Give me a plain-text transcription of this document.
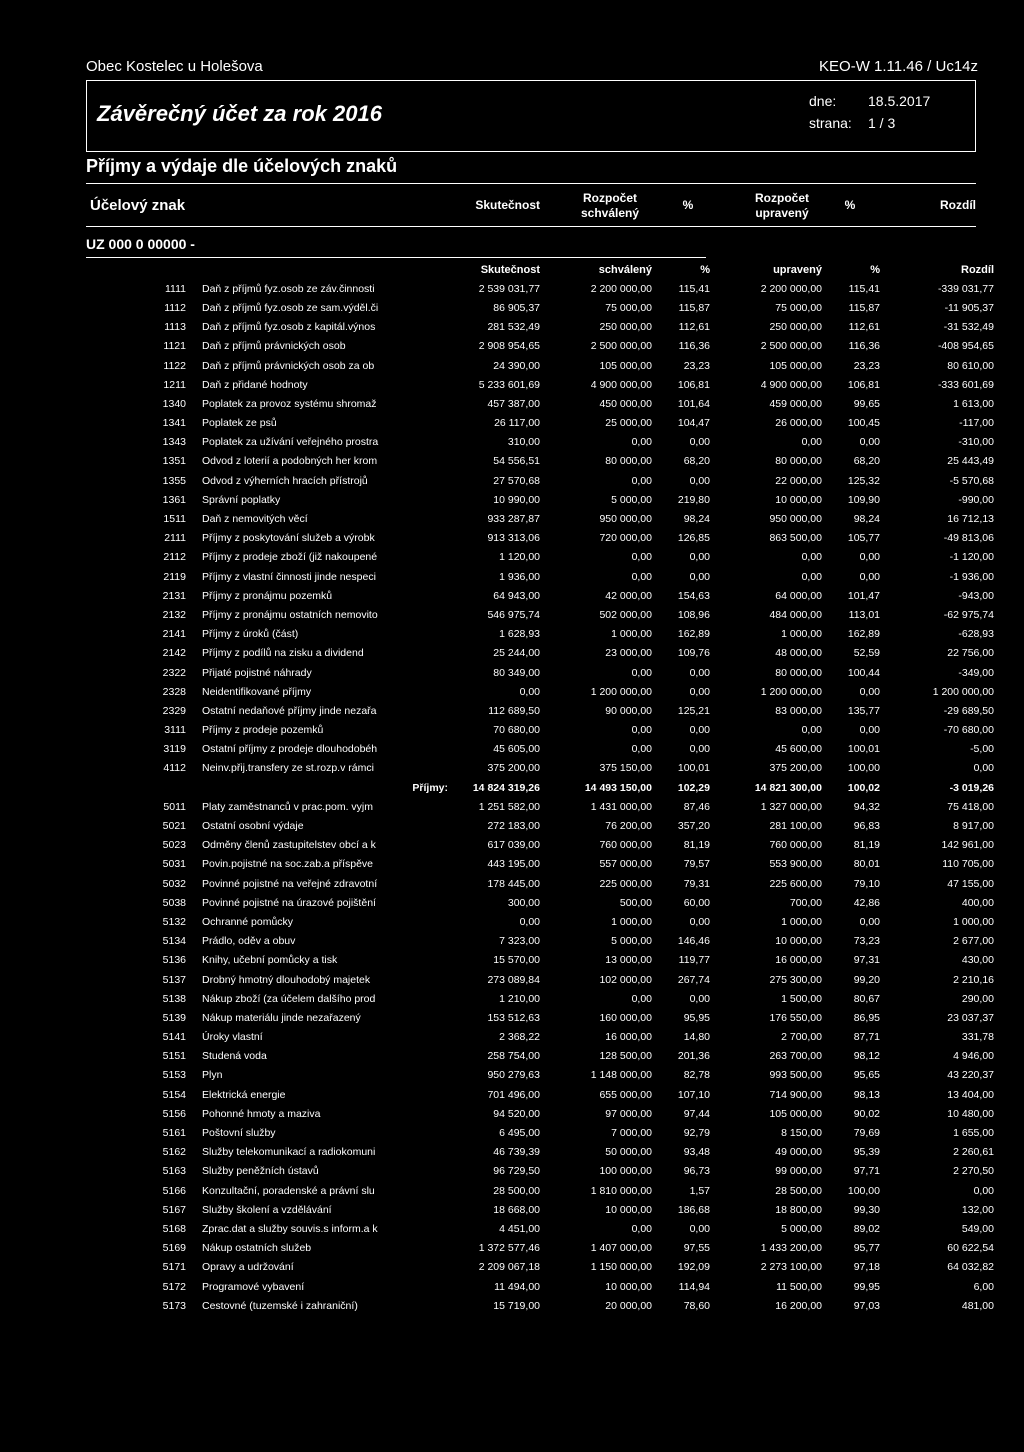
Obec Kostelec u Holešova	KEO-W 1.11.46 / Uc14z
Závěrečný účet za rok 2016	dne: 18.5.2017
strana: 1 / 3
Příjmy a výdaje dle účelových znaků
Účelový znak	Skutečnost	Rozpočet
schválený
%	Rozpočet
upravený
%	Rozdíl
UZ 000 0 00000 -
		Skutečnost	schválený	%	upravený	%	Rozdíl
1111	Daň z příjmů fyz.osob ze záv.činnosti	2 539 031,77	2 200 000,00	115,41	2 200 000,00	115,41	-339 031,77
1112	Daň z příjmů fyz.osob ze sam.výděl.či	86 905,37	75 000,00	115,87	75 000,00	115,87	-11 905,37
1113	Daň z příjmů fyz.osob z kapitál.výnos	281 532,49	250 000,00	112,61	250 000,00	112,61	-31 532,49
1121	Daň z příjmů právnických osob	2 908 954,65	2 500 000,00	116,36	2 500 000,00	116,36	-408 954,65
1122	Daň z příjmů právnických osob za ob	24 390,00	105 000,00	23,23	105 000,00	23,23	80 610,00
1211	Daň z přidané hodnoty	5 233 601,69	4 900 000,00	106,81	4 900 000,00	106,81	-333 601,69
1340	Poplatek za provoz systému shromaž	457 387,00	450 000,00	101,64	459 000,00	99,65	1 613,00
1341	Poplatek ze psů	26 117,00	25 000,00	104,47	26 000,00	100,45	-117,00
1343	Poplatek za užívání veřejného prostra	310,00	0,00	0,00	0,00	0,00	-310,00
1351	Odvod z loterií a podobných her krom	54 556,51	80 000,00	68,20	80 000,00	68,20	25 443,49
1355	Odvod z výherních hracích přístrojů	27 570,68	0,00	0,00	22 000,00	125,32	-5 570,68
1361	Správní poplatky	10 990,00	5 000,00	219,80	10 000,00	109,90	-990,00
1511	Daň z nemovitých věcí	933 287,87	950 000,00	98,24	950 000,00	98,24	16 712,13
2111	Příjmy z poskytování služeb a výrobk	913 313,06	720 000,00	126,85	863 500,00	105,77	-49 813,06
2112	Příjmy z prodeje zboží (již nakoupené	1 120,00	0,00	0,00	0,00	0,00	-1 120,00
2119	Příjmy z vlastní činnosti jinde nespeci	1 936,00	0,00	0,00	0,00	0,00	-1 936,00
2131	Příjmy z pronájmu pozemků	64 943,00	42 000,00	154,63	64 000,00	101,47	-943,00
2132	Příjmy z pronájmu ostatních nemovito	546 975,74	502 000,00	108,96	484 000,00	113,01	-62 975,74
2141	Příjmy z úroků (část)	1 628,93	1 000,00	162,89	1 000,00	162,89	-628,93
2142	Příjmy z podílů na zisku a dividend	25 244,00	23 000,00	109,76	48 000,00	52,59	22 756,00
2322	Přijaté pojistné náhrady	80 349,00	0,00	0,00	80 000,00	100,44	-349,00
2328	Neidentifikované příjmy	0,00	1 200 000,00	0,00	1 200 000,00	0,00	1 200 000,00
2329	Ostatní nedaňové příjmy jinde nezařa	112 689,50	90 000,00	125,21	83 000,00	135,77	-29 689,50
3111	Příjmy z prodeje pozemků	70 680,00	0,00	0,00	0,00	0,00	-70 680,00
3119	Ostatní příjmy z prodeje dlouhodobéh	45 605,00	0,00	0,00	45 600,00	100,01	-5,00
4112	Neinv.přij.transfery ze st.rozp.v rámci	375 200,00	375 150,00	100,01	375 200,00	100,00	0,00
	Příjmy:	14 824 319,26	14 493 150,00	102,29	14 821 300,00	100,02	-3 019,26
5011	Platy zaměstnanců v prac.pom. vyjm	1 251 582,00	1 431 000,00	87,46	1 327 000,00	94,32	75 418,00
5021	Ostatní osobní výdaje	272 183,00	76 200,00	357,20	281 100,00	96,83	8 917,00
5023	Odměny členů zastupitelstev obcí a k	617 039,00	760 000,00	81,19	760 000,00	81,19	142 961,00
5031	Povin.pojistné na soc.zab.a příspěve	443 195,00	557 000,00	79,57	553 900,00	80,01	110 705,00
5032	Povinné pojistné na veřejné zdravotní	178 445,00	225 000,00	79,31	225 600,00	79,10	47 155,00
5038	Povinné pojistné na úrazové pojištění	300,00	500,00	60,00	700,00	42,86	400,00
5132	Ochranné pomůcky	0,00	1 000,00	0,00	1 000,00	0,00	1 000,00
5134	Prádlo, oděv a obuv	7 323,00	5 000,00	146,46	10 000,00	73,23	2 677,00
5136	Knihy, učební pomůcky a tisk	15 570,00	13 000,00	119,77	16 000,00	97,31	430,00
5137	Drobný hmotný dlouhodobý majetek	273 089,84	102 000,00	267,74	275 300,00	99,20	2 210,16
5138	Nákup zboží (za účelem dalšího prod	1 210,00	0,00	0,00	1 500,00	80,67	290,00
5139	Nákup materiálu jinde nezařazený	153 512,63	160 000,00	95,95	176 550,00	86,95	23 037,37
5141	Úroky vlastní	2 368,22	16 000,00	14,80	2 700,00	87,71	331,78
5151	Studená voda	258 754,00	128 500,00	201,36	263 700,00	98,12	4 946,00
5153	Plyn	950 279,63	1 148 000,00	82,78	993 500,00	95,65	43 220,37
5154	Elektrická energie	701 496,00	655 000,00	107,10	714 900,00	98,13	13 404,00
5156	Pohonné hmoty a maziva	94 520,00	97 000,00	97,44	105 000,00	90,02	10 480,00
5161	Poštovní služby	6 495,00	7 000,00	92,79	8 150,00	79,69	1 655,00
5162	Služby telekomunikací a radiokomuni	46 739,39	50 000,00	93,48	49 000,00	95,39	2 260,61
5163	Služby peněžních ústavů	96 729,50	100 000,00	96,73	99 000,00	97,71	2 270,50
5166	Konzultační, poradenské a právní slu	28 500,00	1 810 000,00	1,57	28 500,00	100,00	0,00
5167	Služby školení a vzdělávání	18 668,00	10 000,00	186,68	18 800,00	99,30	132,00
5168	Zprac.dat a služby souvis.s inform.a k	4 451,00	0,00	0,00	5 000,00	89,02	549,00
5169	Nákup ostatních služeb	1 372 577,46	1 407 000,00	97,55	1 433 200,00	95,77	60 622,54
5171	Opravy a udržování	2 209 067,18	1 150 000,00	192,09	2 273 100,00	97,18	64 032,82
5172	Programové vybavení	11 494,00	10 000,00	114,94	11 500,00	99,95	6,00
5173	Cestovné (tuzemské i zahraniční)	15 719,00	20 000,00	78,60	16 200,00	97,03	481,00
